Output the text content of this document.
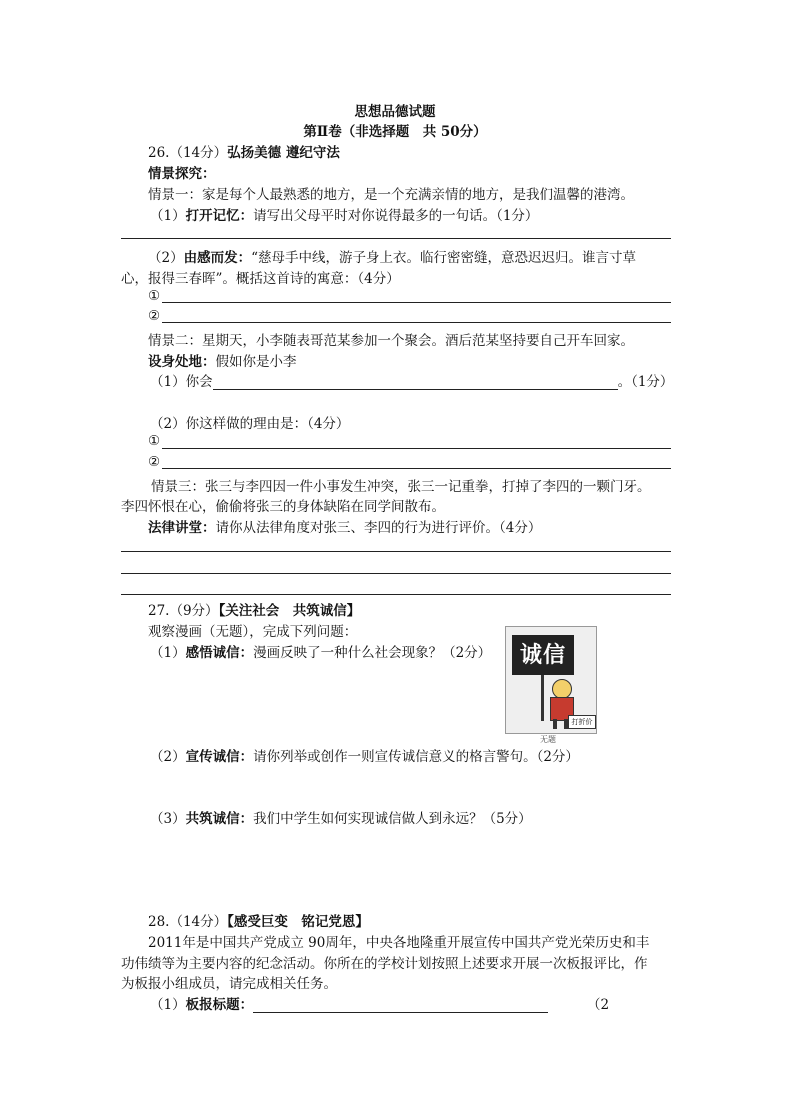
思想品德试题
第Ⅱ卷（非选择题　共 50分）
26.（14分）弘扬美德 遵纪守法
情景探究：
情景一：家是每个人最熟悉的地方，是一个充满亲情的地方，是我们温馨的港湾。
（1）打开记忆：请写出父母平时对你说得最多的一句话。（1分）
（2）由感而发：“慈母手中线，游子身上衣。临行密密缝，意恐迟迟归。谁言寸草
心，报得三春晖”。概括这首诗的寓意：（4分）
①
②
情景二：星期天，小李随表哥范某参加一个聚会。酒后范某坚持要自己开车回家。
设身处地：假如你是小李
（1）你会	。（1分）
（2）你这样做的理由是：（4分）
①
②
情景三：张三与李四因一件小事发生冲突，张三一记重拳，打掉了李四的一颗门牙。
李四怀恨在心，偷偷将张三的身体缺陷在同学间散布。
法律讲堂：请你从法律角度对张三、李四的行为进行评价。（4分）
27.（9分）【关注社会　共筑诚信】
观察漫画（无题），完成下列问题：
（1）感悟诚信：漫画反映了一种什么社会现象？（2分）	诚信
打折价
无题
（2）宣传诚信：请你列举或创作一则宣传诚信意义的格言警句。（2分）
（3）共筑诚信：我们中学生如何实现诚信做人到永远？（5分）
28.（14分）【感受巨变　铭记党恩】
2011年是中国共产党成立 90周年，中央各地隆重开展宣传中国共产党光荣历史和丰
功伟绩等为主要内容的纪念活动。你所在的学校计划按照上述要求开展一次板报评比，作
为板报小组成员，请完成相关任务。
（1）板报标题：	（2
